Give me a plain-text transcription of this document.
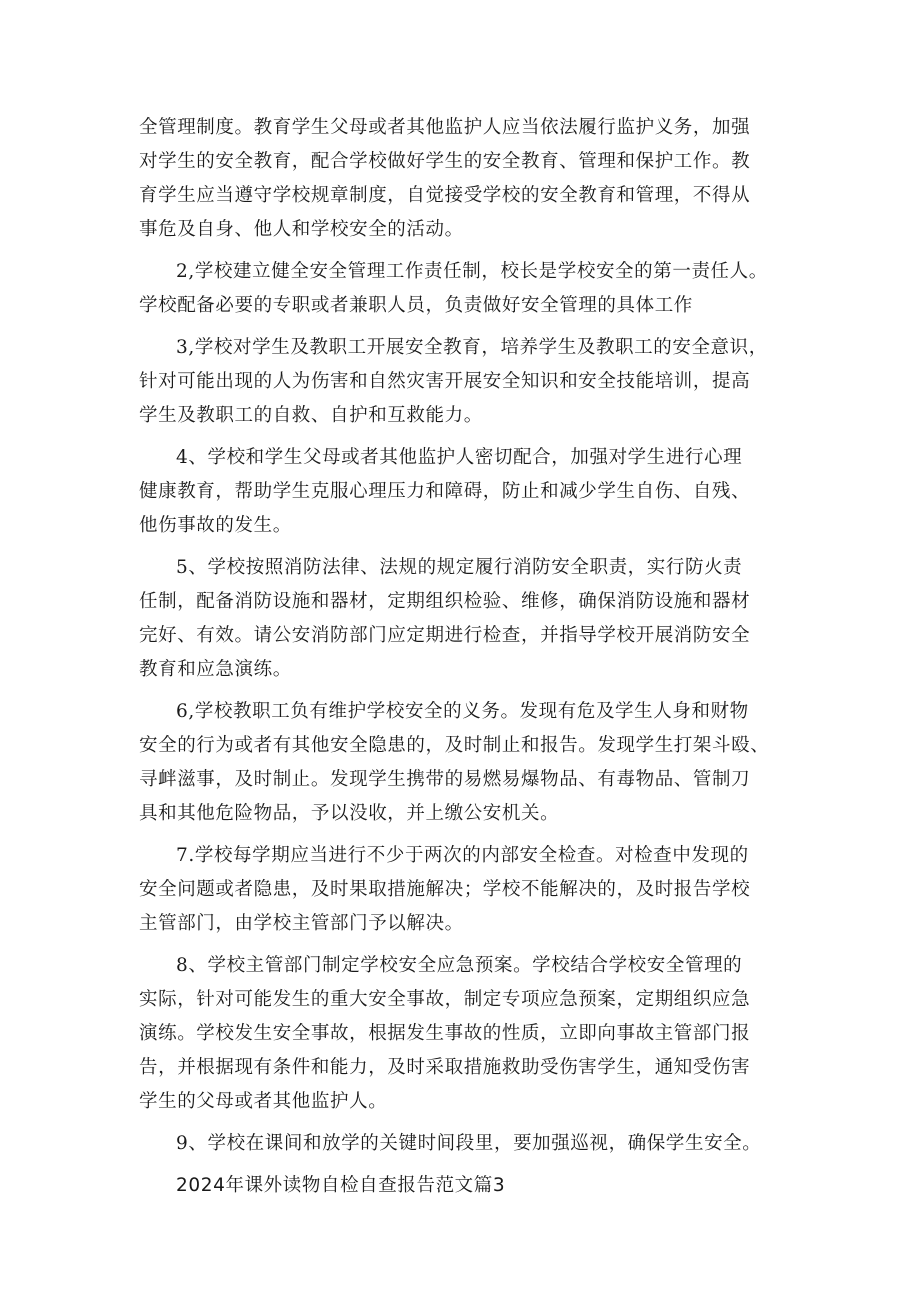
全管理制度。教育学生父母或者其他监护人应当依法履行监护义务，加强
对学生的安全教育，配合学校做好学生的安全教育、管理和保护工作。教
育学生应当遵守学校规章制度，自觉接受学校的安全教育和管理，不得从
事危及自身、他人和学校安全的活动。
2,学校建立健全安全管理工作责任制，校长是学校安全的第一责任人。
学校配备必要的专职或者兼职人员，负责做好安全管理的具体工作
3,学校对学生及教职工开展安全教育，培养学生及教职工的安全意识，
针对可能出现的人为伤害和自然灾害开展安全知识和安全技能培训，提高
学生及教职工的自救、自护和互救能力。
4、学校和学生父母或者其他监护人密切配合，加强对学生进行心理
健康教育，帮助学生克服心理压力和障碍，防止和减少学生自伤、自残、
他伤事故的发生。
5、学校按照消防法律、法规的规定履行消防安全职责，实行防火责
任制，配备消防设施和器材，定期组织检验、维修，确保消防设施和器材
完好、有效。请公安消防部门应定期进行检查，并指导学校开展消防安全
教育和应急演练。
6,学校教职工负有维护学校安全的义务。发现有危及学生人身和财物
安全的行为或者有其他安全隐患的，及时制止和报告。发现学生打架斗殴、
寻衅滋事，及时制止。发现学生携带的易燃易爆物品、有毒物品、管制刀
具和其他危险物品，予以没收，并上缴公安机关。
7.学校每学期应当进行不少于两次的内部安全检查。对检查中发现的
安全问题或者隐患，及时果取措施解决；学校不能解决的，及时报告学校
主管部门，由学校主管部门予以解决。
8、学校主管部门制定学校安全应急预案。学校结合学校安全管理的
实际，针对可能发生的重大安全事故，制定专项应急预案，定期组织应急
演练。学校发生安全事故，根据发生事故的性质，立即向事故主管部门报
告，并根据现有条件和能力，及时采取措施救助受伤害学生，通知受伤害
学生的父母或者其他监护人。
9、学校在课间和放学的关键时间段里，要加强巡视，确保学生安全。
2024年课外读物自检自查报告范文篇3
